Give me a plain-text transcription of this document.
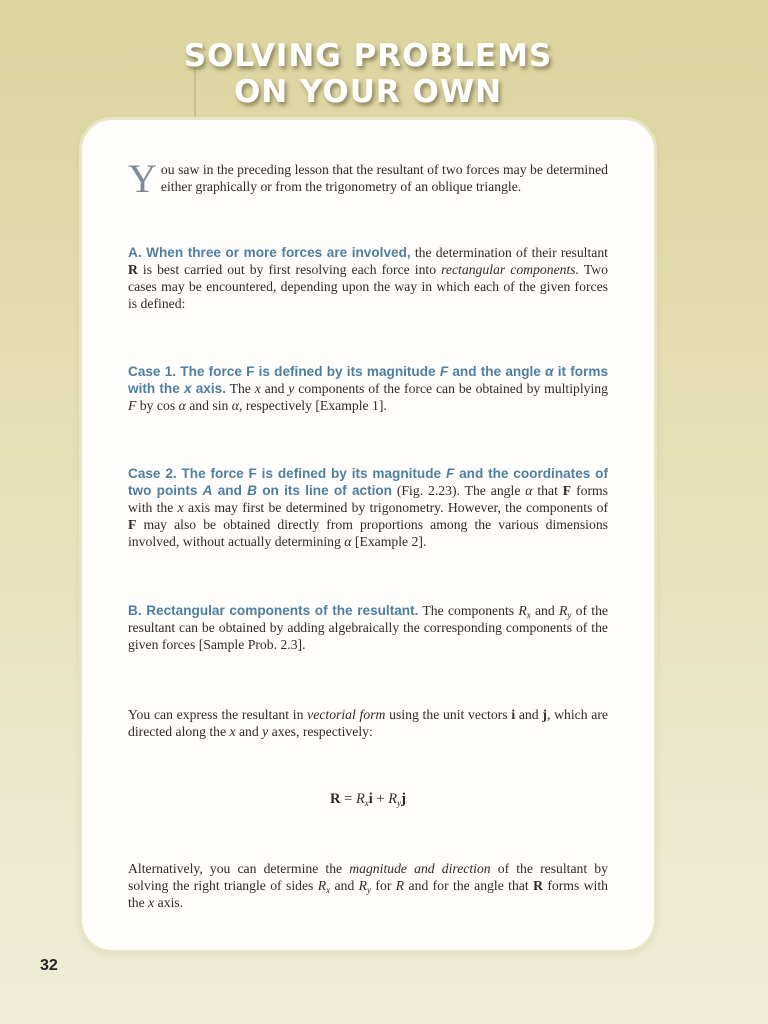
SOLVING PROBLEMS
ON YOUR OWN
You saw in the preceding lesson that the resultant of two forces may be determined either graphically or from the trigonometry of an oblique triangle.
A. When three or more forces are involved, the determination of their resultant R is best carried out by first resolving each force into rectangular components. Two cases may be encountered, depending upon the way in which each of the given forces is defined:
Case 1. The force F is defined by its magnitude F and the angle α it forms with the x axis. The x and y components of the force can be obtained by multiplying F by cos α and sin α, respectively [Example 1].
Case 2. The force F is defined by its magnitude F and the coordinates of two points A and B on its line of action (Fig. 2.23). The angle α that F forms with the x axis may first be determined by trigonometry. However, the components of F may also be obtained directly from proportions among the various dimensions involved, without actually determining α [Example 2].
B. Rectangular components of the resultant. The components $R_x$ and $R_y$ of the resultant can be obtained by adding algebraically the corresponding components of the given forces [Sample Prob. 2.3].
You can express the resultant in vectorial form using the unit vectors i and j, which are directed along the x and y axes, respectively:
$R = R_xi + R_yj$
Alternatively, you can determine the magnitude and direction of the resultant by solving the right triangle of sides $R_x$ and $R_y$ for R and for the angle that R forms with the x axis.
32
